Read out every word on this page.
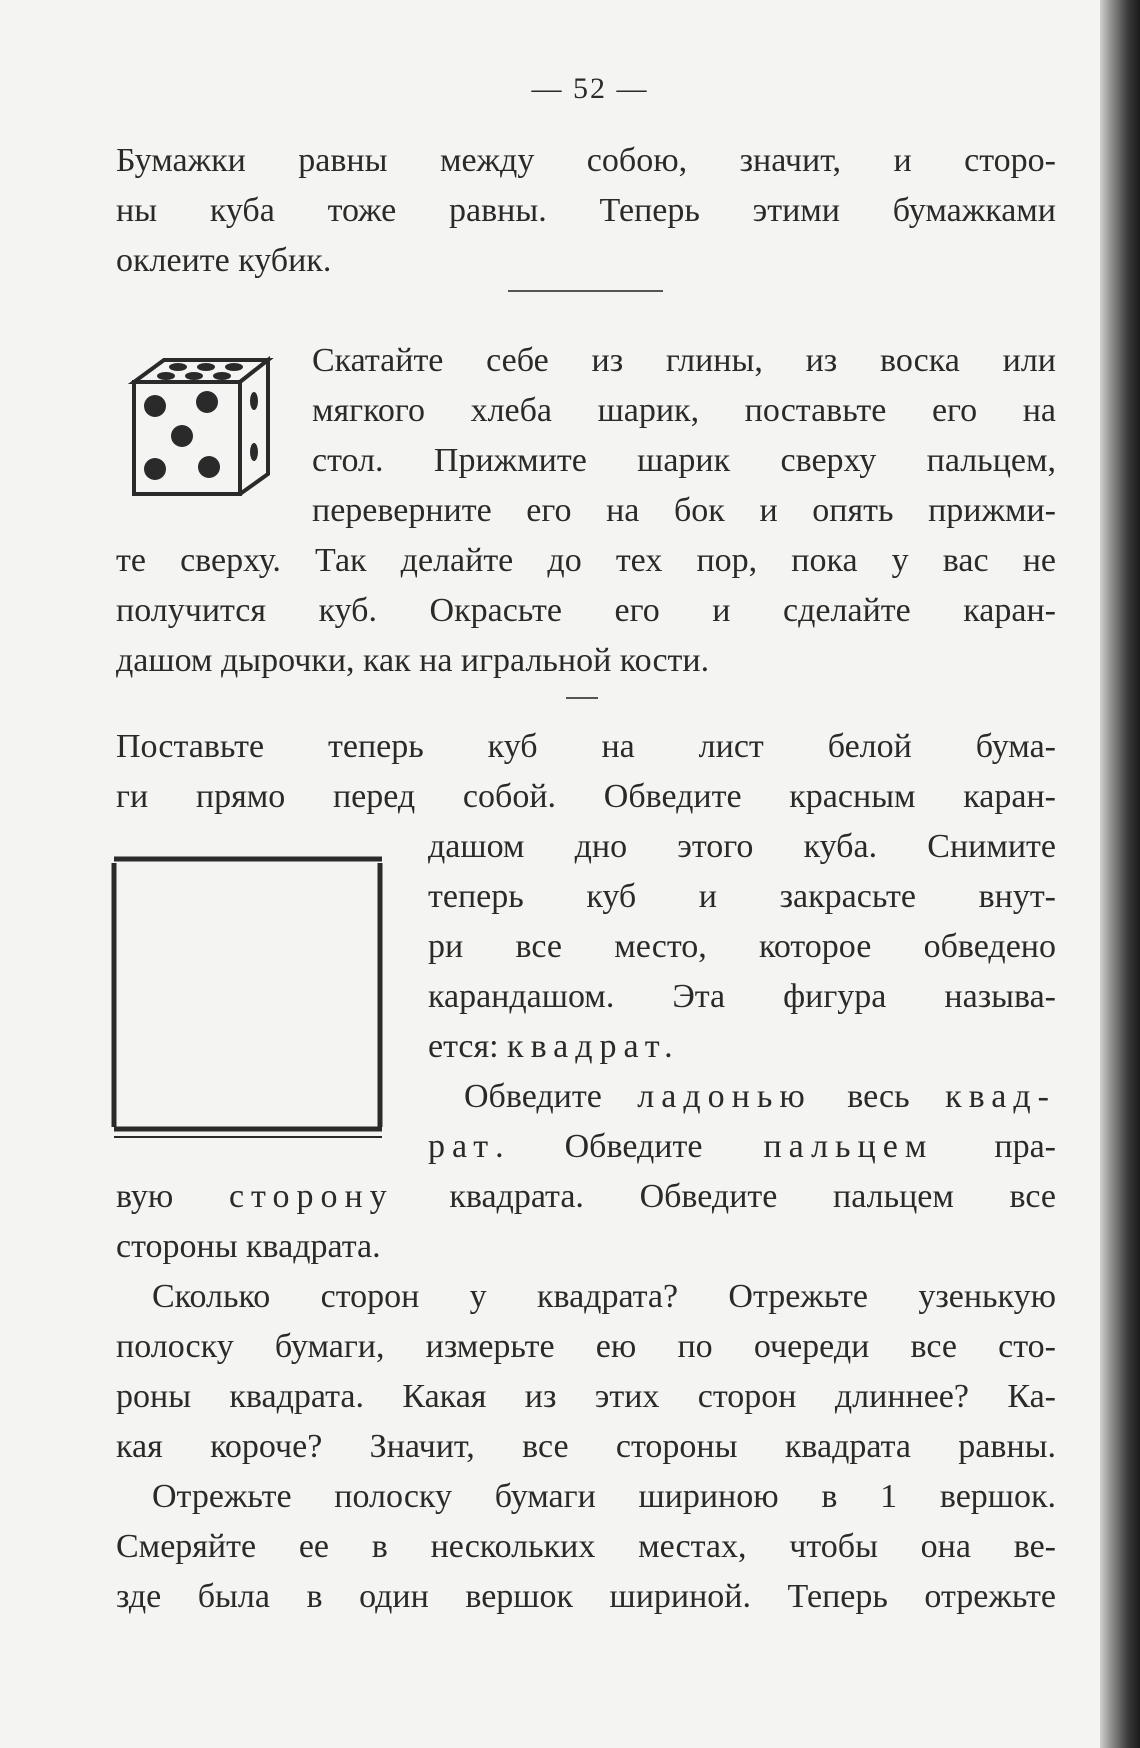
— 52 —
Бумажки равны между собою, значит, и сторо-
ны куба тоже равны. Теперь этими бумажками
оклеите кубик.
Скатайте себе из глины, из воска или
мягкого хлеба шарик, поставьте его на
стол. Прижмите шарик сверху пальцем,
переверните его на бок и опять прижми-
те сверху. Так делайте до тех пор, пока у вас не
получится куб. Окрасьте его и сделайте каран-
дашом дырочки, как на игральной кости.
Поставьте теперь куб на лист белой бума-
ги прямо перед собой. Обведите красным каран-
дашом дно этого куба. Снимите
теперь куб и закрасьте внут-
ри все место, которое обведено
карандашом. Эта фигура называ-
ется: квадрат.
Обведите ладонью весь квад-
рат. Обведите пальцем пра-
вую сторону квадрата. Обведите пальцем все
стороны квадрата.
Сколько сторон у квадрата? Отрежьте узенькую
полоску бумаги, измерьте ею по очереди все сто-
роны квадрата. Какая из этих сторон длиннее? Ка-
кая короче? Значит, все стороны квадрата равны.
Отрежьте полоску бумаги шириною в 1 вершок.
Смеряйте ее в нескольких местах, чтобы она ве-
зде была в один вершок шириной. Теперь отрежьте
